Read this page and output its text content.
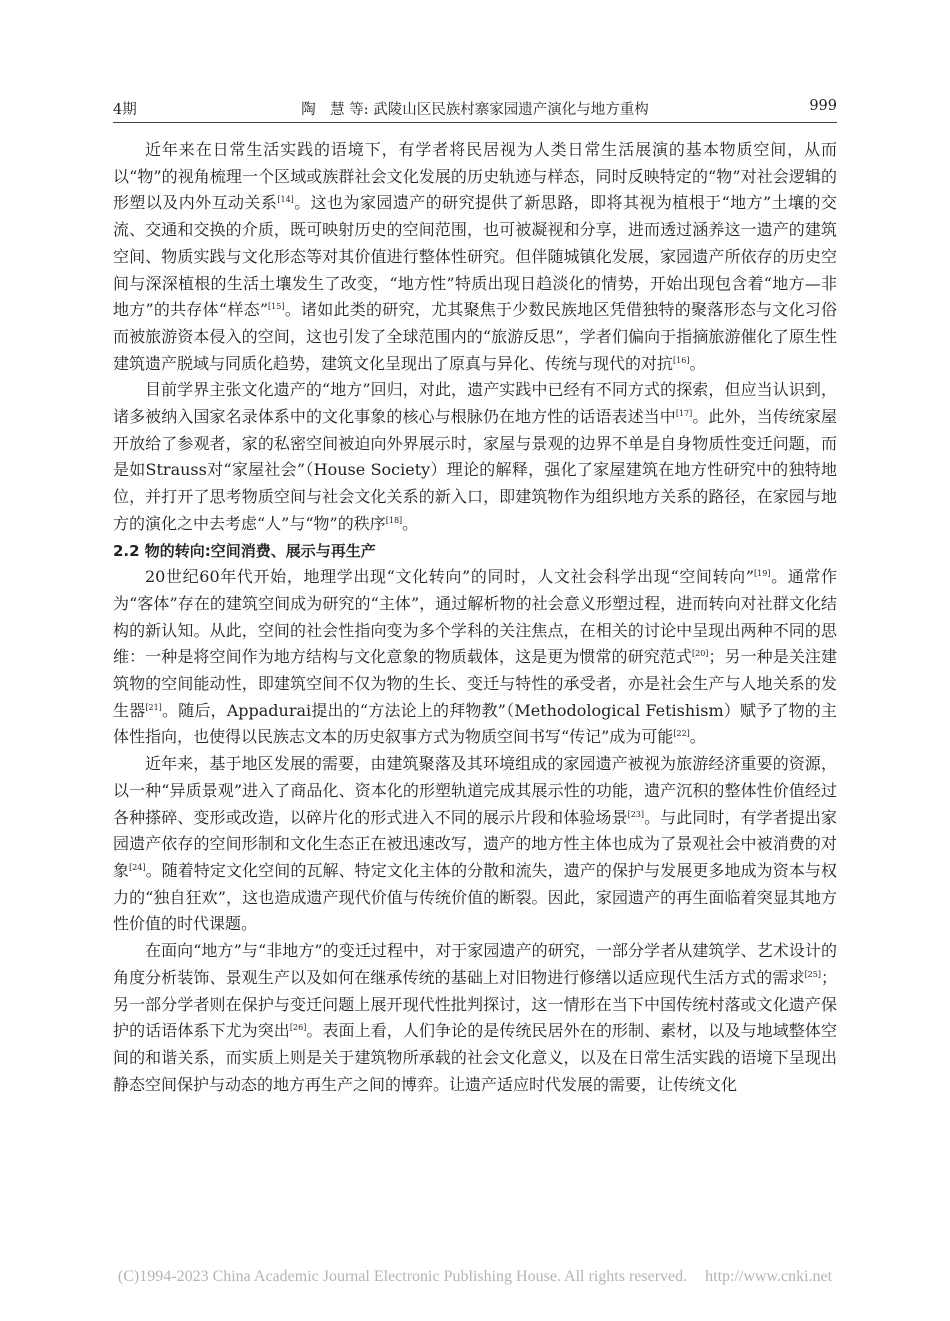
4期	陶　慧 等: 武陵山区民族村寨家园遗产演化与地方重构	999

近年来在日常生活实践的语境下，有学者将民居视为人类日常生活展演的基本物质空间，从而以“物”的视角梳理一个区域或族群社会文化发展的历史轨迹与样态，同时反映特定的“物”对社会逻辑的形塑以及内外互动关系[14]。这也为家园遗产的研究提供了新思路，即将其视为植根于“地方”土壤的交流、交通和交换的介质，既可映射历史的空间范围，也可被凝视和分享，进而透过涵养这一遗产的建筑空间、物质实践与文化形态等对其价值进行整体性研究。但伴随城镇化发展，家园遗产所依存的历史空间与深深植根的生活土壤发生了改变，“地方性”特质出现日趋淡化的情势，开始出现包含着“地方—非地方”的共存体“样态”[15]。诸如此类的研究，尤其聚焦于少数民族地区凭借独特的聚落形态与文化习俗而被旅游资本侵入的空间，这也引发了全球范围内的“旅游反思”，学者们偏向于指摘旅游催化了原生性建筑遗产脱域与同质化趋势，建筑文化呈现出了原真与异化、传统与现代的对抗[16]。

目前学界主张文化遗产的“地方”回归，对此，遗产实践中已经有不同方式的探索，但应当认识到，诸多被纳入国家名录体系中的文化事象的核心与根脉仍在地方性的话语表述当中[17]。此外，当传统家屋开放给了参观者，家的私密空间被迫向外界展示时，家屋与景观的边界不单是自身物质性变迁问题，而是如Strauss对“家屋社会”（House Society）理论的解释，强化了家屋建筑在地方性研究中的独特地位，并打开了思考物质空间与社会文化关系的新入口，即建筑物作为组织地方关系的路径，在家园与地方的演化之中去考虑“人”与“物”的秩序[18]。

2.2 物的转向:空间消费、展示与再生产

20世纪60年代开始，地理学出现“文化转向”的同时，人文社会科学出现“空间转向”[19]。通常作为“客体”存在的建筑空间成为研究的“主体”，通过解析物的社会意义形塑过程，进而转向对社群文化结构的新认知。从此，空间的社会性指向变为多个学科的关注焦点，在相关的讨论中呈现出两种不同的思维：一种是将空间作为地方结构与文化意象的物质载体，这是更为惯常的研究范式[20]；另一种是关注建筑物的空间能动性，即建筑空间不仅为物的生长、变迁与特性的承受者，亦是社会生产与人地关系的发生器[21]。随后，Appadurai提出的“方法论上的拜物教”（Methodological Fetishism）赋予了物的主体性指向，也使得以民族志文本的历史叙事方式为物质空间书写“传记”成为可能[22]。

近年来，基于地区发展的需要，由建筑聚落及其环境组成的家园遗产被视为旅游经济重要的资源，以一种“异质景观”进入了商品化、资本化的形塑轨道完成其展示性的功能，遗产沉积的整体性价值经过各种搽碎、变形或改造，以碎片化的形式进入不同的展示片段和体验场景[23]。与此同时，有学者提出家园遗产依存的空间形制和文化生态正在被迅速改写，遗产的地方性主体也成为了景观社会中被消费的对象[24]。随着特定文化空间的瓦解、特定文化主体的分散和流失，遗产的保护与发展更多地成为资本与权力的“独自狂欢”，这也造成遗产现代价值与传统价值的断裂。因此，家园遗产的再生面临着突显其地方性价值的时代课题。

在面向“地方”与“非地方”的变迁过程中，对于家园遗产的研究，一部分学者从建筑学、艺术设计的角度分析装饰、景观生产以及如何在继承传统的基础上对旧物进行修缮以适应现代生活方式的需求[25]；另一部分学者则在保护与变迁问题上展开现代性批判探讨，这一情形在当下中国传统村落或文化遗产保护的话语体系下尤为突出[26]。表面上看，人们争论的是传统民居外在的形制、素材，以及与地域整体空间的和谐关系，而实质上则是关于建筑物所承载的社会文化意义，以及在日常生活实践的语境下呈现出静态空间保护与动态的地方再生产之间的博弈。让遗产适应时代发展的需要，让传统文化

(C)1994-2023 China Academic Journal Electronic Publishing House. All rights reserved. http://www.cnki.net
